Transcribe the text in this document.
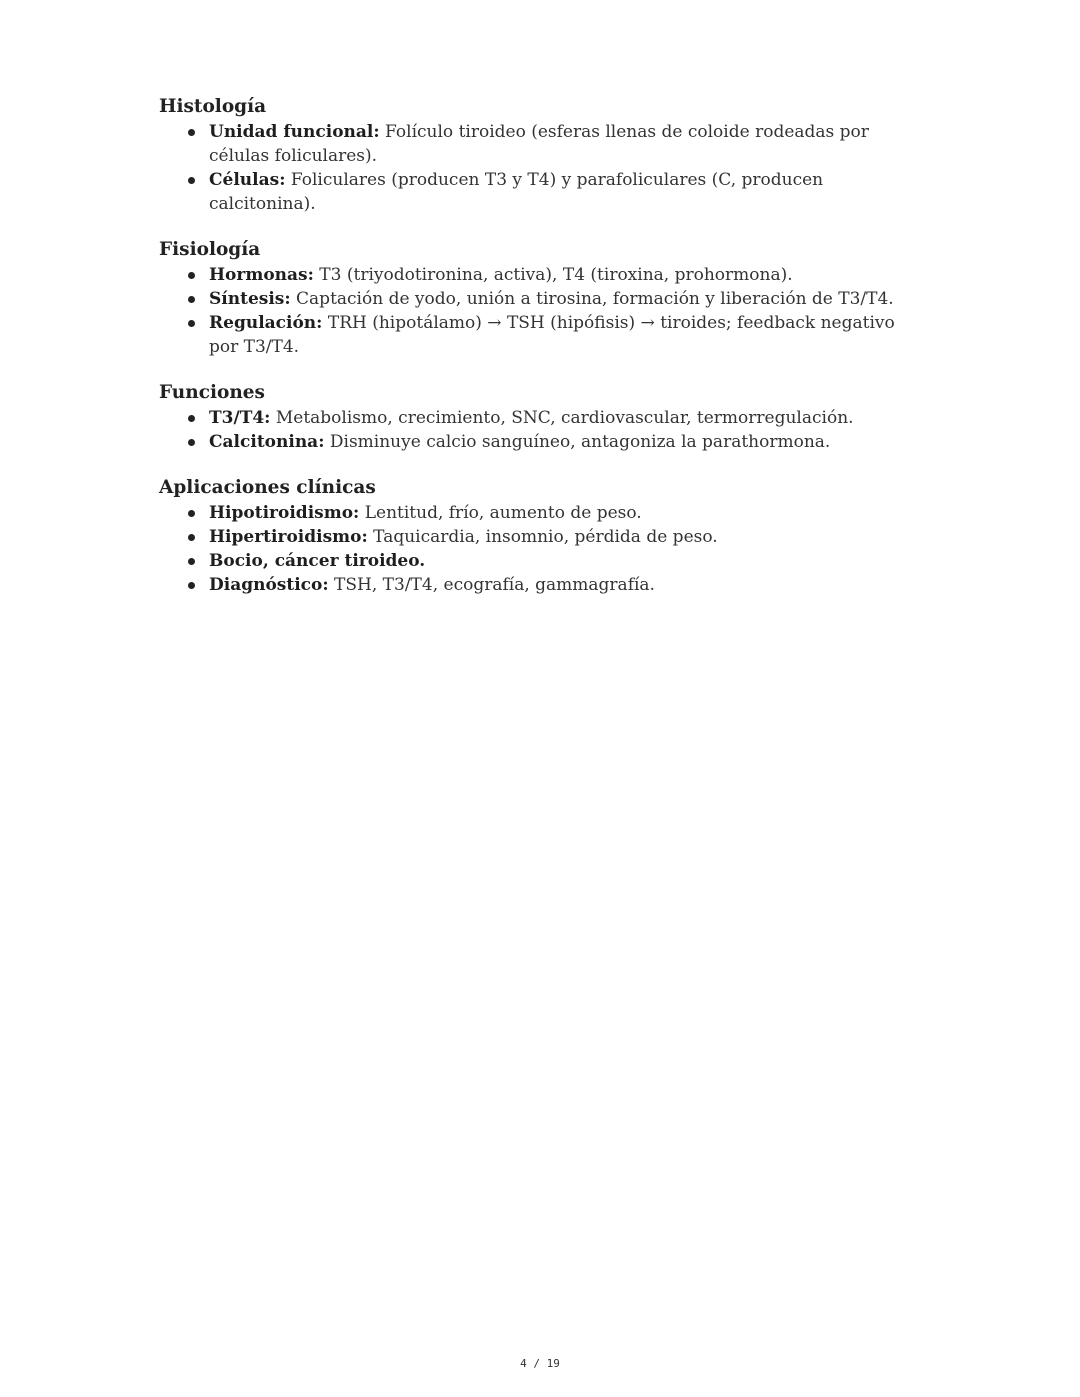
Histología
Unidad funcional: Folículo tiroideo (esferas llenas de coloide rodeadas por células foliculares).
Células: Foliculares (producen T3 y T4) y parafoliculares (C, producen calcitonina).
Fisiología
Hormonas: T3 (triyodotironina, activa), T4 (tiroxina, prohormona).
Síntesis: Captación de yodo, unión a tirosina, formación y liberación de T3/T4.
Regulación: TRH (hipotálamo) → TSH (hipófisis) → tiroides; feedback negativo por T3/T4.
Funciones
T3/T4: Metabolismo, crecimiento, SNC, cardiovascular, termorregulación.
Calcitonina: Disminuye calcio sanguíneo, antagoniza la parathormona.
Aplicaciones clínicas
Hipotiroidismo: Lentitud, frío, aumento de peso.
Hipertiroidismo: Taquicardia, insomnio, pérdida de peso.
Bocio, cáncer tiroideo.
Diagnóstico: TSH, T3/T4, ecografía, gammagrafía.
4 / 19
